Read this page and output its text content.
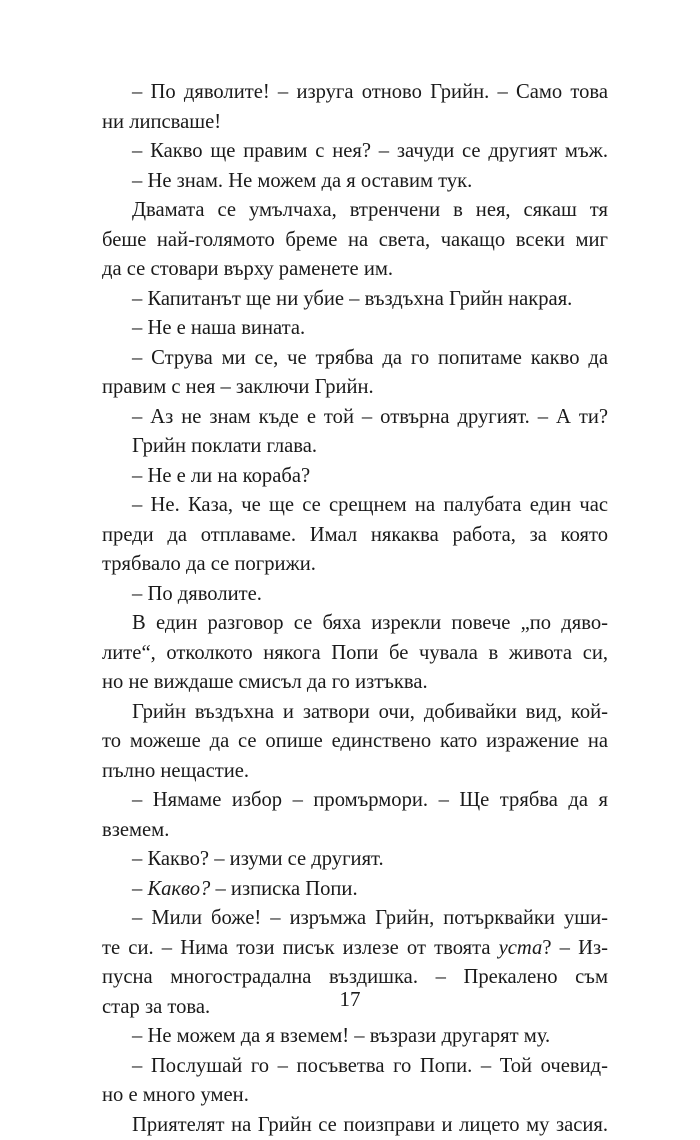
– По дяволите! – изруга отново Грийн. – Само това
ни липсваше!
– Какво ще правим с нея? – зачуди се другият мъж.
– Не знам. Не можем да я оставим тук.
Двамата се умълчаха, втренчени в нея, сякаш тя
беше най-голямото бреме на света, чакащо всеки миг
да се стовари върху раменете им.
– Капитанът ще ни убие – въздъхна Грийн накрая.
– Не е наша вината.
– Струва ми се, че трябва да го попитаме какво да
правим с нея – заключи Грийн.
– Аз не знам къде е той – отвърна другият. – А ти?
Грийн поклати глава.
– Не е ли на кораба?
– Не. Каза, че ще се срещнем на палубата един час
преди да отплаваме. Имал някаква работа, за която
трябвало да се погрижи.
– По дяволите.
В един разговор се бяха изрекли повече „по дяво-
лите“, отколкото някога Попи бе чувала в живота си,
но не виждаше смисъл да го изтъква.
Грийн въздъхна и затвори очи, добивайки вид, кой-
то можеше да се опише единствено като изражение на
пълно нещастие.
– Нямаме избор – промърмори. – Ще трябва да я
вземем.
– Какво? – изуми се другият.
– Какво? – изписка Попи.
– Мили боже! – изръмжа Грийн, потърквайки уши-
те си. – Нима този писък излезе от твоята уста? – Из-
пусна многострадална въздишка. – Прекалено съм
стар за това.
– Не можем да я вземем! – възрази другарят му.
– Послушай го – посъветва го Попи. – Той очевид-
но е много умен.
Приятелят на Грийн се поизправи и лицето му засия.
17
